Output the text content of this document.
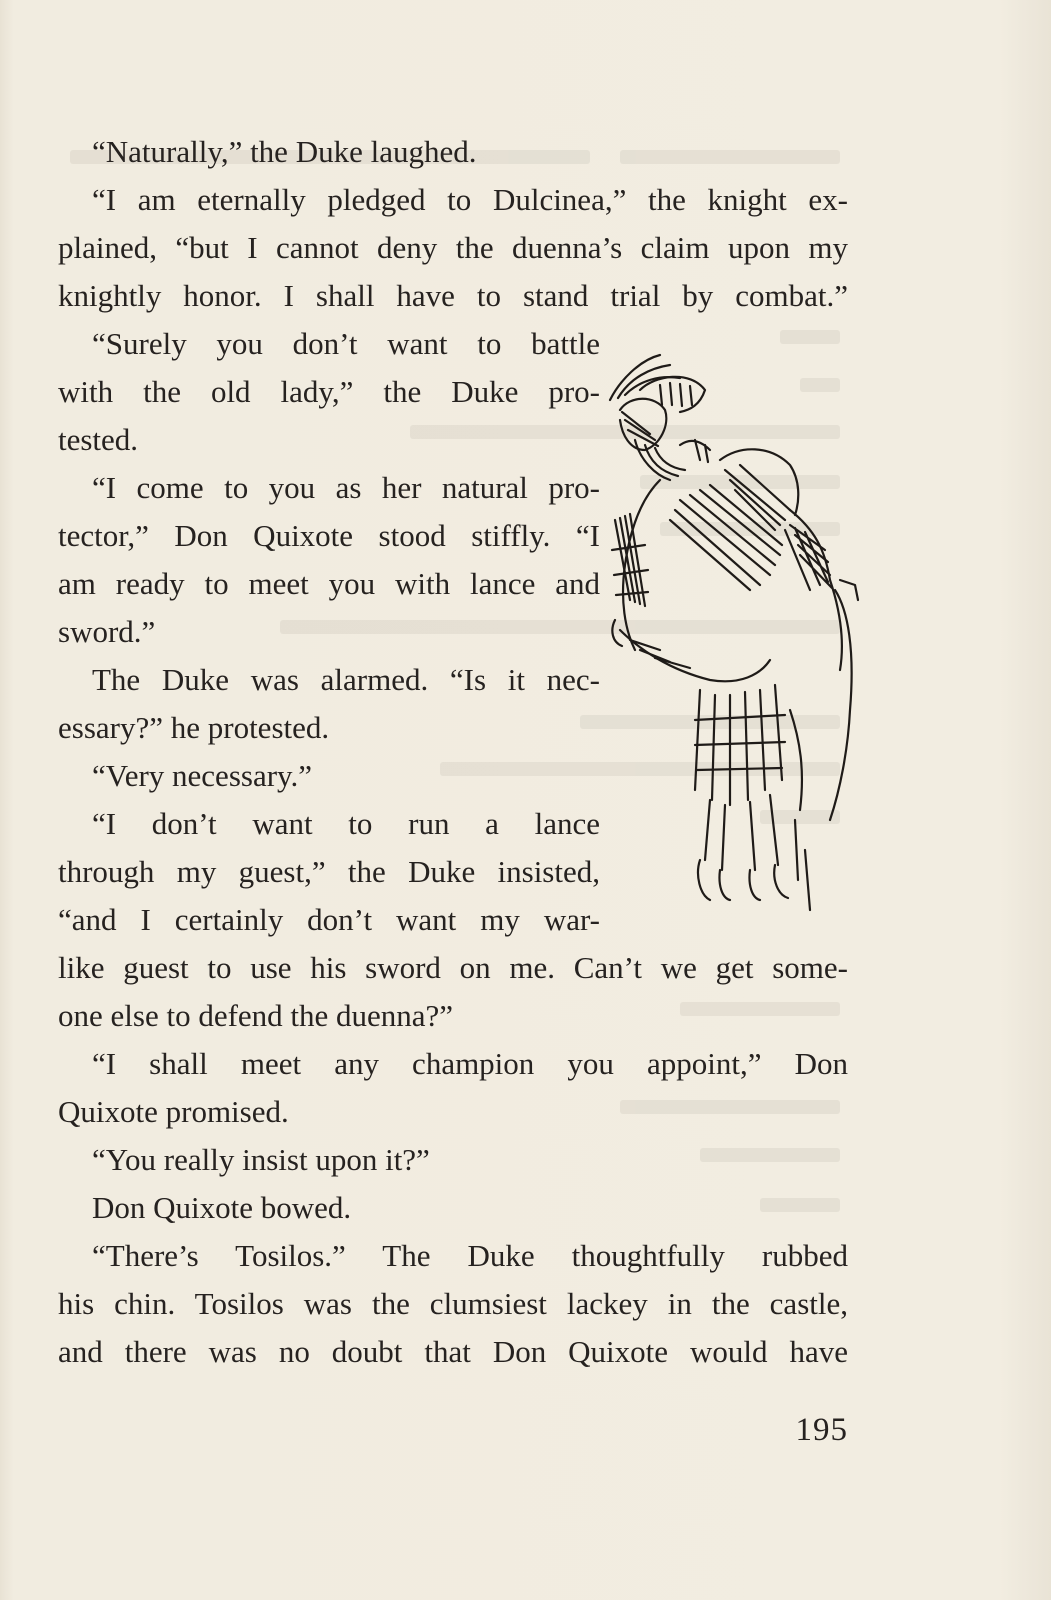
“Naturally,” the Duke laughed.
“I am eternally pledged to Dulcinea,” the knight ex-
plained, “but I cannot deny the duenna’s claim upon my
knightly honor. I shall have to stand trial by combat.”
“Surely you don’t want to battle
with the old lady,” the Duke pro-
tested.
“I come to you as her natural pro-
tector,” Don Quixote stood stiffly. “I
am ready to meet you with lance and
sword.”
The Duke was alarmed. “Is it nec-
essary?” he protested.
“Very necessary.”
“I don’t want to run a lance
through my guest,” the Duke insisted,
“and I certainly don’t want my war-
like guest to use his sword on me. Can’t we get some-
one else to defend the duenna?”
“I shall meet any champion you appoint,” Don
Quixote promised.
“You really insist upon it?”
Don Quixote bowed.
“There’s Tosilos.” The Duke thoughtfully rubbed
his chin. Tosilos was the clumsiest lackey in the castle,
and there was no doubt that Don Quixote would have
195
